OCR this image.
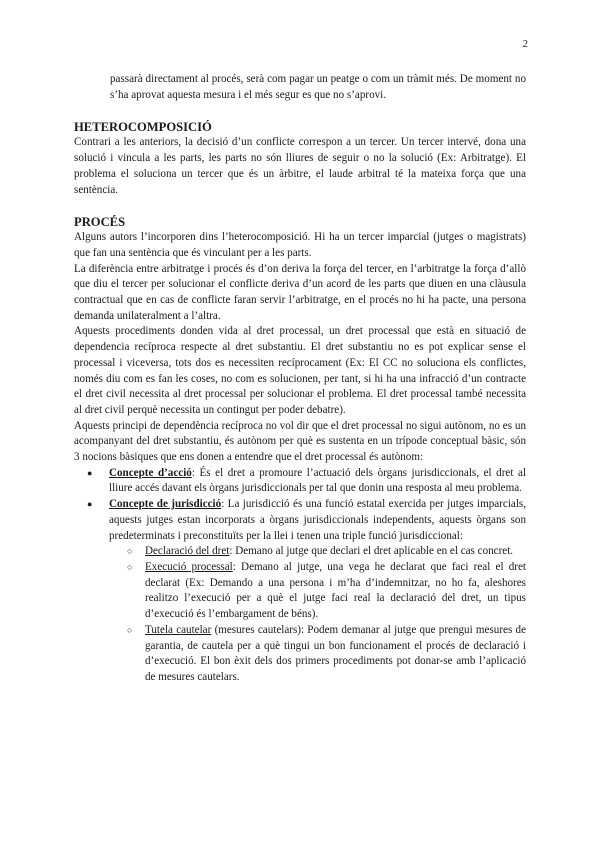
2

passarà directament al procés, serà com pagar un peatge o com un tràmit més. De moment no s’ha aprovat aquesta mesura i el més segur es que no s’aprovi.

HETEROCOMPOSICIÓ

Contrari a les anteriors, la decisió d’un conflicte correspon a un tercer. Un tercer intervé, dona una solució i vincula a les parts, les parts no són lliures de seguir o no la solució (Ex: Arbitratge). El problema el soluciona un tercer que és un àrbitre, el laude arbitral té la mateixa força que una sentència.

PROCÉS

Alguns autors l’incorporen dins l’heterocomposició. Hi ha un tercer imparcial (jutges o magistrats) que fan una sentència que és vinculant per a les parts.

La diferència entre arbitratge i procés és d’on deriva la força del tercer, en l’arbitratge la força d’allò que diu el tercer per solucionar el conflicte deriva d’un acord de les parts que diuen en una clàusula contractual que en cas de conflicte faran servir l’arbitratge, en el procés no hi ha pacte, una persona demanda unilateralment a l’altra.

Aquests procediments donden vida al dret processal, un dret processal que està en situació de dependencia recíproca respecte al dret substantiu. El dret substantiu no es pot explicar sense el processal i viceversa, tots dos es necessiten recíprocament (Ex: El CC no soluciona els conflictes, només diu com es fan les coses, no com es solucionen, per tant, si hi ha una infracció d’un contracte el dret civil necessita al dret processal per solucionar el problema. El dret processal també necessita al dret civil perquè necessita un contingut per poder debatre).

Aquests principi de dependència recíproca no vol dir que el dret processal no sigui autònom, no es un acompanyant del dret substantiu, és autònom per què es sustenta en un trípode conceptual bàsic, són 3 nocions bàsiques que ens donen a entendre que el dret processal és autònom:

● Concepte d’acció: És el dret a promoure l’actuació dels òrgans jurisdiccionals, el dret al lliure accés davant els òrgans jurisdiccionals per tal que donin una resposta al meu problema.
● Concepte de jurisdicció: La jurisdicció és una funció estatal exercida per jutges imparcials, aquests jutges estan incorporats a òrgans jurisdiccionals independents, aquests òrgans son predeterminats i preconstituïts per la llei i tenen una triple funció jurisdiccional:
○ Declaració del dret: Demano al jutge que declari el dret aplicable en el cas concret.
○ Execució processal: Demano al jutge, una vega he declarat que faci real el dret declarat (Ex: Demando a una persona i m’ha d’indemnitzar, no ho fa, aleshores realitzo l’execució per a què el jutge faci real la declaració del dret, un tipus d’execució és l’embargament de béns).
○ Tutela cautelar (mesures cautelars): Podem demanar al jutge que prengui mesures de garantia, de cautela per a què tingui un bon funcionament el procés de declaració i d’execució. El bon èxit dels dos primers procediments pot donar-se amb l’aplicació de mesures cautelars.
